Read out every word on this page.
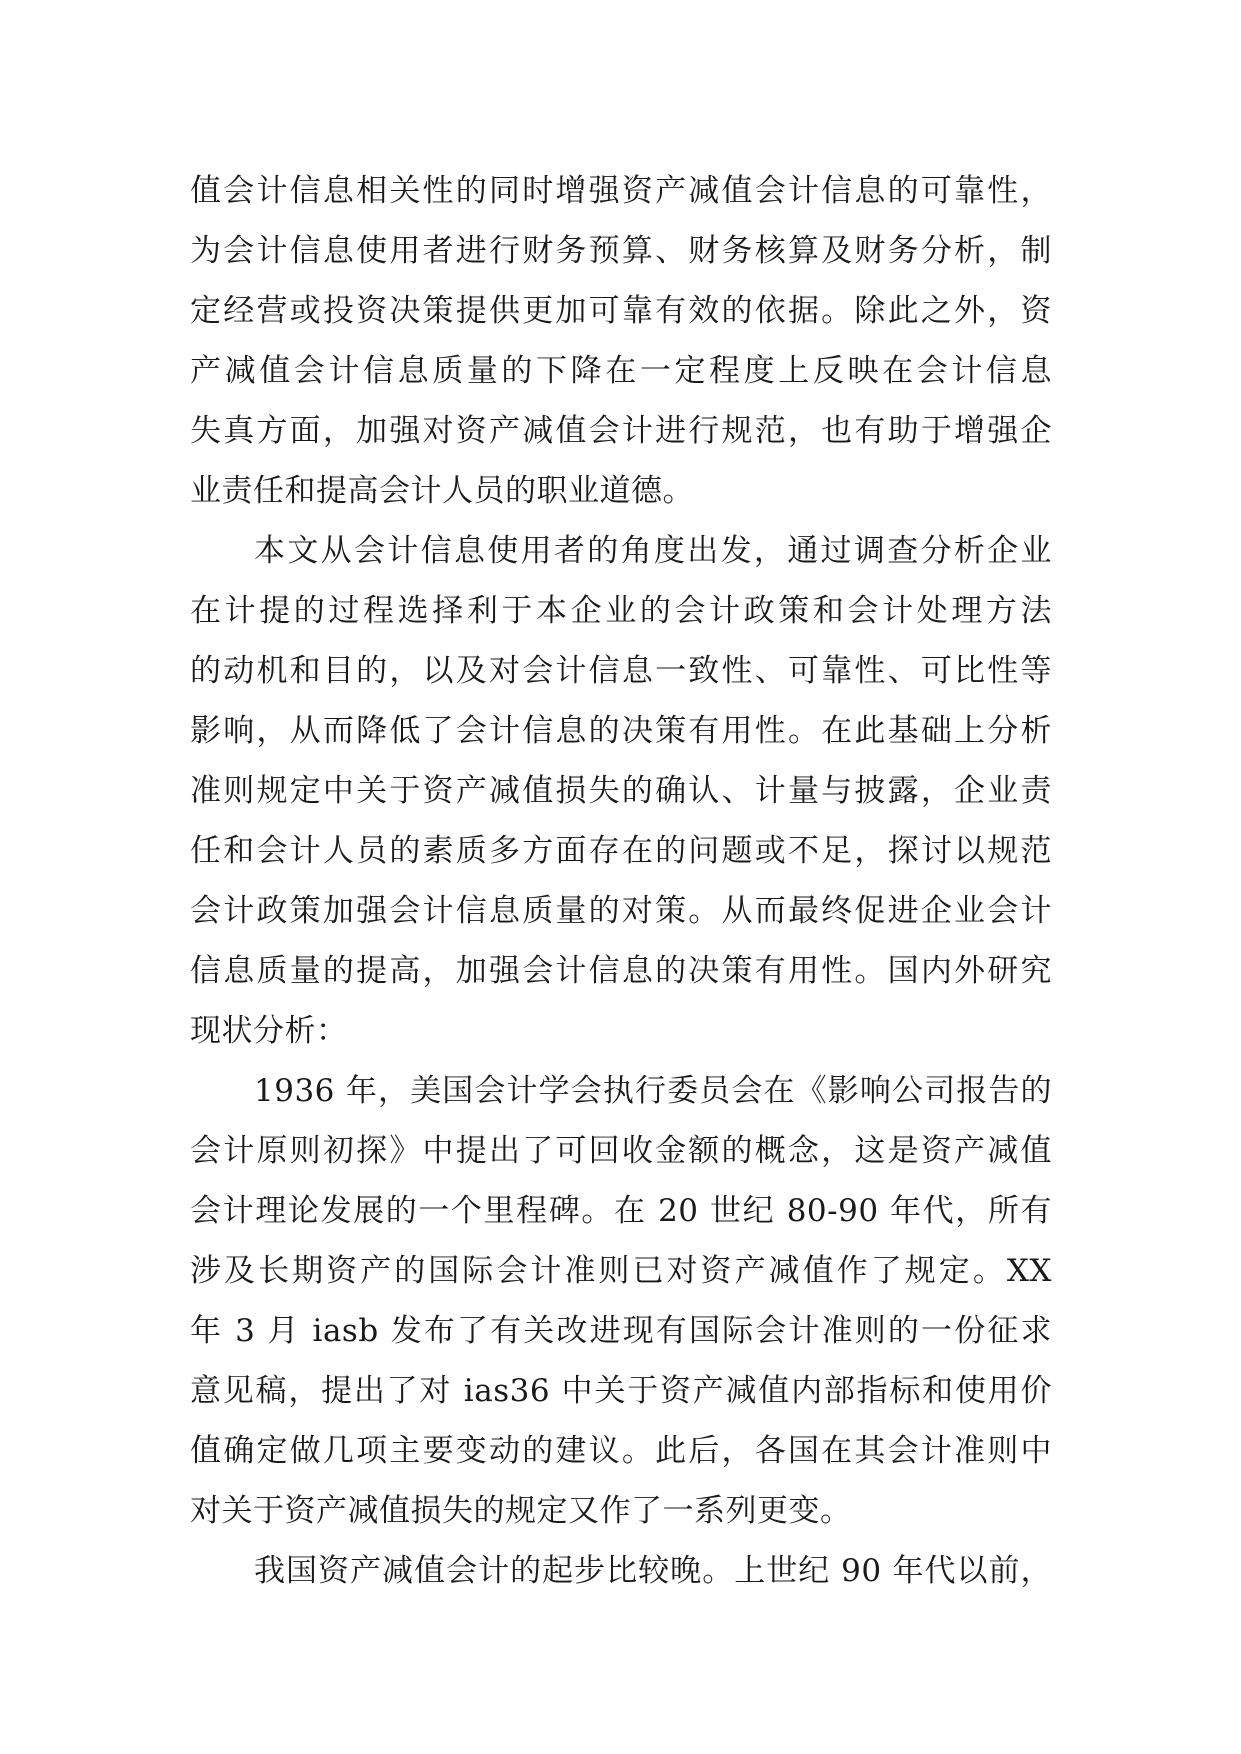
值会计信息相关性的同时增强资产减值会计信息的可靠性，
为会计信息使用者进行财务预算、财务核算及财务分析，制
定经营或投资决策提供更加可靠有效的依据。除此之外，资
产减值会计信息质量的下降在一定程度上反映在会计信息
失真方面，加强对资产减值会计进行规范，也有助于增强企
业责任和提高会计人员的职业道德。
本文从会计信息使用者的角度出发，通过调查分析企业
在计提的过程选择利于本企业的会计政策和会计处理方法
的动机和目的，以及对会计信息一致性、可靠性、可比性等
影响，从而降低了会计信息的决策有用性。在此基础上分析
准则规定中关于资产减值损失的确认、计量与披露，企业责
任和会计人员的素质多方面存在的问题或不足，探讨以规范
会计政策加强会计信息质量的对策。从而最终促进企业会计
信息质量的提高，加强会计信息的决策有用性。国内外研究
现状分析：
1936 年，美国会计学会执行委员会在《影响公司报告的
会计原则初探》中提出了可回收金额的概念，这是资产减值
会计理论发展的一个里程碑。在 20 世纪 80-90 年代，所有
涉及长期资产的国际会计准则已对资产减值作了规定。XX
年 3 月 iasb 发布了有关改进现有国际会计准则的一份征求
意见稿，提出了对 ias36 中关于资产减值内部指标和使用价
值确定做几项主要变动的建议。此后，各国在其会计准则中
对关于资产减值损失的规定又作了一系列更变。
我国资产减值会计的起步比较晚。上世纪 90 年代以前，
